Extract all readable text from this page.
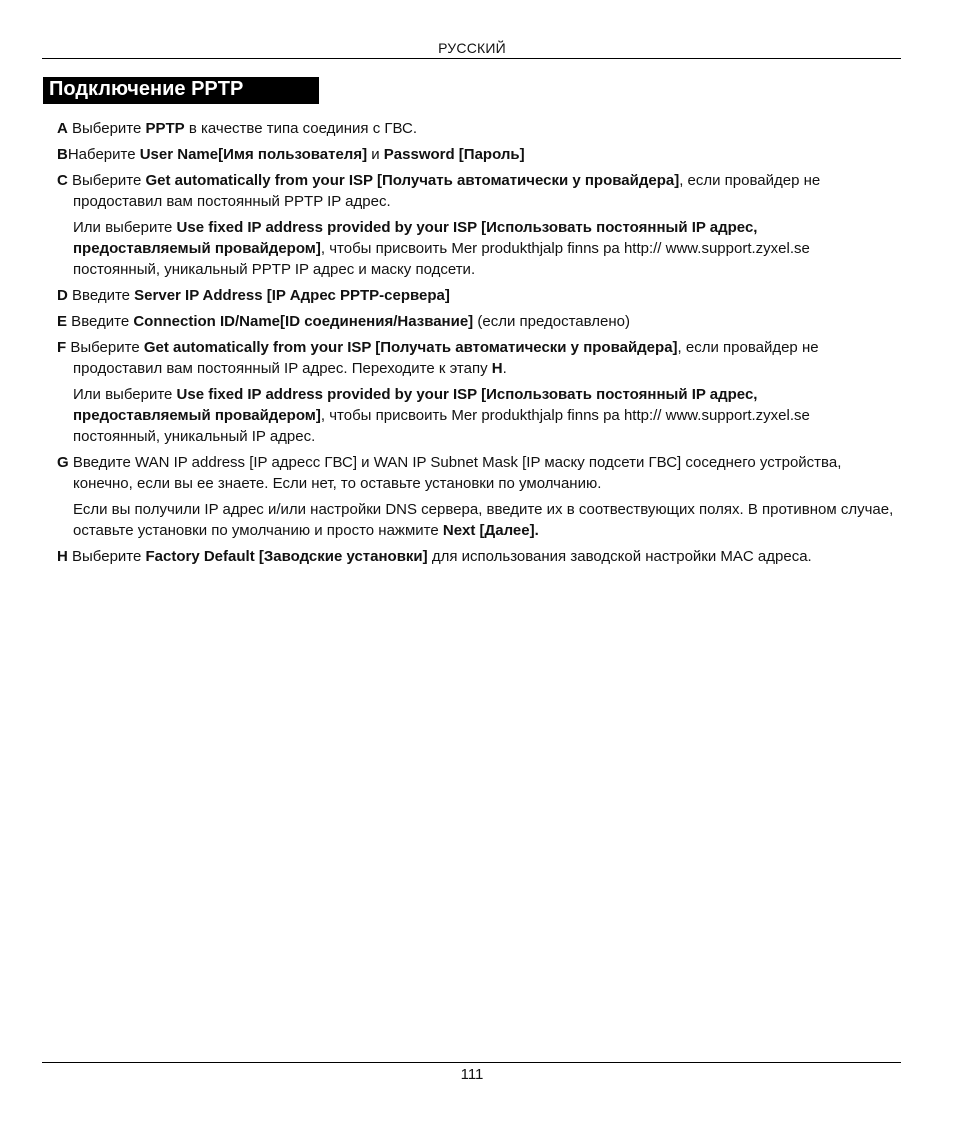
РУССКИЙ
Подключение PPTP

A Выберите PPTP в качестве типа соединия с ГВС.

BНаберите User Name[Имя пользователя] и Password [Пароль]

C Выберите Get automatically from your ISP [Получать автоматически у провайдера], если провайдер не продоставил вам постоянный PPTP IP адрес.

Или выберите Use fixed IP address provided by your ISP [Использовать постоянный IP адрес, предоставляемый провайдером], чтобы присвоить Mer produkthjalp finns pa http:// www.support.zyxel.se постоянный, уникальный PPTP IP адрес и маску подсети.

D Введите Server IP Address [IP Адрес PPTP-сервера]

E Введите Connection ID/Name[ID соединения/Название] (если предоставлено)

F Выберите Get automatically from your ISP [Получать автоматически у провайдера], если провайдер не продоставил вам постоянный IP адрес. Переходите к этапу H.

Или выберите Use fixed IP address provided by your ISP [Использовать постоянный IP адрес, предоставляемый провайдером], чтобы присвоить Mer produkthjalp finns pa http:// www.support.zyxel.se постоянный, уникальный IP адрес.

G Введите WAN IP address [IP адресс ГВС] и WAN IP Subnet Mask [IP маску подсети ГВС] соседнего устройства, конечно, если вы ее знаете. Если нет, то оставьте установки по умолчанию.

Если вы получили IP адрес и/или настройки DNS сервера, введите их в соотвествующих полях. В противном случае, оставьте установки по умолчанию и просто нажмите Next [Далее].

H Выберите Factory Default [Заводские установки] для использования заводской настройки MAC адреса.

111
